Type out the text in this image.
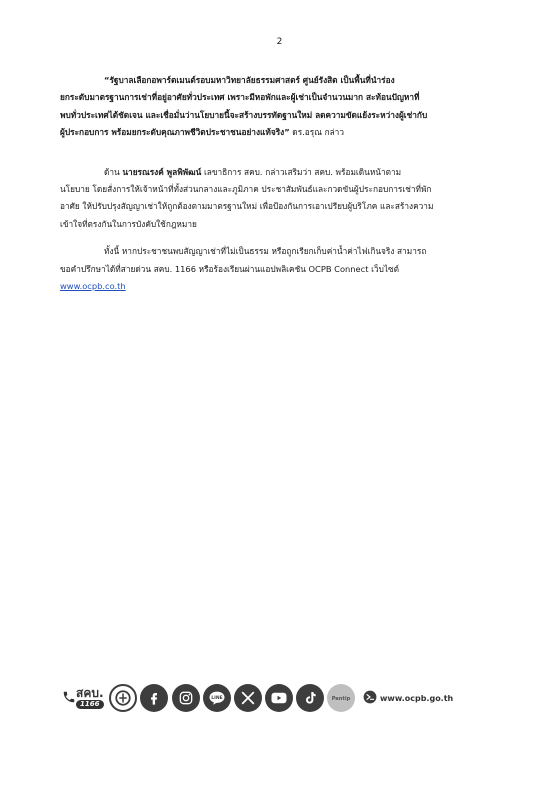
2

“รัฐบาลเลือกอพาร์ตเมนต์รอบมหาวิทยาลัยธรรมศาสตร์ ศูนย์รังสิต เป็นพื้นที่นำร่อง
ยกระดับมาตรฐานการเช่าที่อยู่อาศัยทั่วประเทศ เพราะมีหอพักและผู้เช่าเป็นจำนวนมาก สะท้อนปัญหาที่
พบทั่วประเทศได้ชัดเจน และเชื่อมั่นว่านโยบายนี้จะสร้างบรรทัดฐานใหม่ ลดความขัดแย้งระหว่างผู้เช่ากับ
ผู้ประกอบการ พร้อมยกระดับคุณภาพชีวิตประชาชนอย่างแท้จริง” ดร.อรุณ กล่าว

ด้าน นายรณรงค์ พูลพิพัฒน์ เลขาธิการ สคบ. กล่าวเสริมว่า สคบ. พร้อมเดินหน้าตาม
นโยบาย โดยสั่งการให้เจ้าหน้าที่ทั้งส่วนกลางและภูมิภาค ประชาสัมพันธ์และกวดขันผู้ประกอบการเช่าที่พัก
อาศัย ให้ปรับปรุงสัญญาเช่าให้ถูกต้องตามมาตรฐานใหม่ เพื่อป้องกันการเอาเปรียบผู้บริโภค และสร้างความ
เข้าใจที่ตรงกันในการบังคับใช้กฎหมาย

ทั้งนี้ หากประชาชนพบสัญญาเช่าที่ไม่เป็นธรรม หรือถูกเรียกเก็บค่าน้ำค่าไฟเกินจริง สามารถ
ขอคำปรึกษาได้ที่สายด่วน สคบ. 1166 หรือร้องเรียนผ่านแอปพลิเคชัน OCPB Connect เว็บไซต์
www.ocpb.co.th

สคบ.
1166
LINE	Pantip	www.ocpb.go.th
